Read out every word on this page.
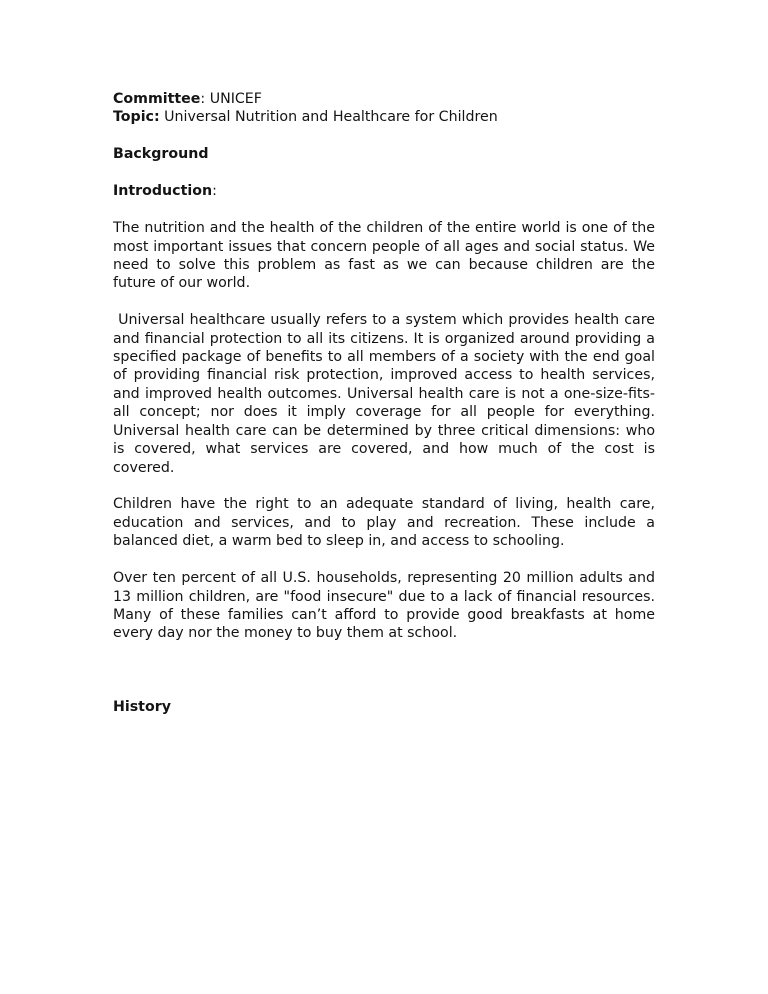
Committee: UNICEF
Topic: Universal Nutrition and Healthcare for Children
Background
Introduction:

The nutrition and the health of the children of the entire world is one of the most important issues that concern people of all ages and social status. We need to solve this problem as fast as we can because children are the future of our world.

Universal healthcare usually refers to a system which provides health care and financial protection to all its citizens. It is organized around providing a specified package of benefits to all members of a society with the end goal of providing financial risk protection, improved access to health services, and improved health outcomes. Universal health care is not a one-size-fits-all concept; nor does it imply coverage for all people for everything. Universal health care can be determined by three critical dimensions: who is covered, what services are covered, and how much of the cost is covered.

Children have the right to an adequate standard of living, health care, education and services, and to play and recreation. These include a balanced diet, a warm bed to sleep in, and access to schooling.

Over ten percent of all U.S. households, representing 20 million adults and 13 million children, are "food insecure" due to a lack of financial resources. Many of these families can’t afford to provide good breakfasts at home every day nor the money to buy them at school.

History
